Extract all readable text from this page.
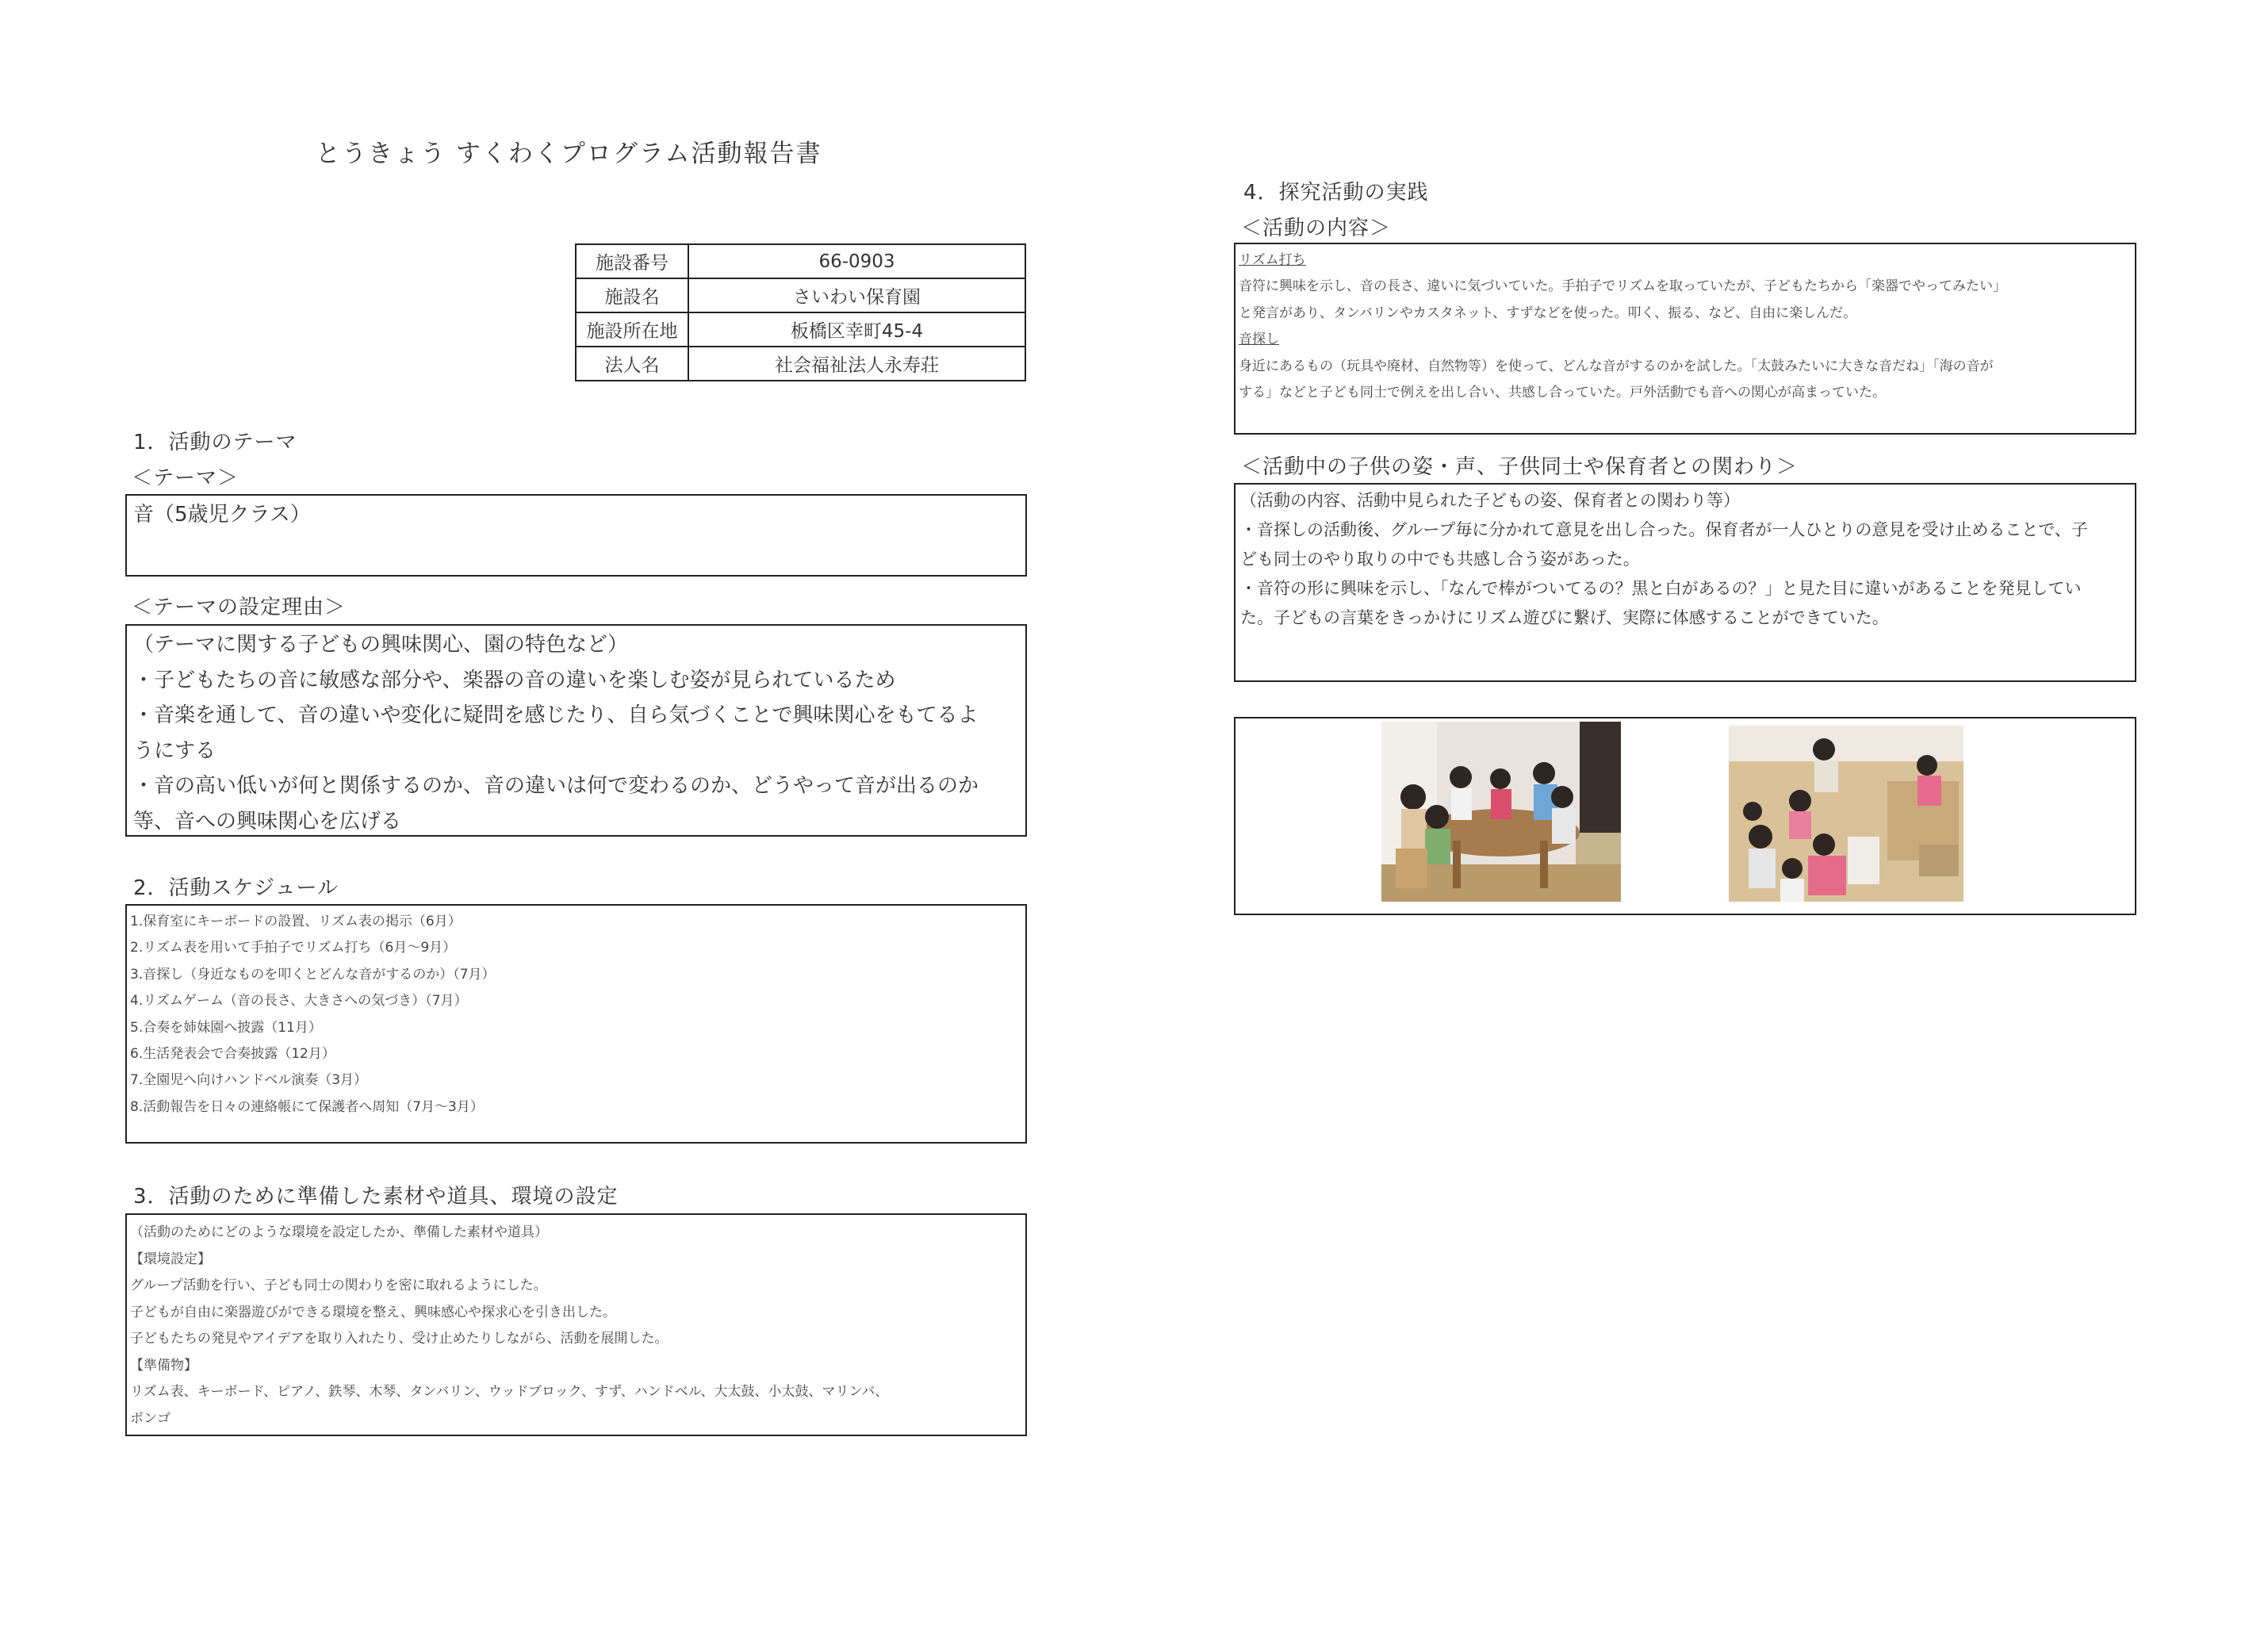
とうきょう すくわくプログラム活動報告書
施設番号	66-0903
施設名	さいわい保育園
施設所在地	板橋区幸町45-4
法人名	社会福祉法人永寿荘
1．活動のテーマ
＜テーマ＞
音（5歳児クラス）
＜テーマの設定理由＞
（テーマに関する子どもの興味関心、園の特色など）
・子どもたちの音に敏感な部分や、楽器の音の違いを楽しむ姿が見られているため
・音楽を通して、音の違いや変化に疑問を感じたり、自ら気づくことで興味関心をもてるよ
うにする
・音の高い低いが何と関係するのか、音の違いは何で変わるのか、どうやって音が出るのか
等、音への興味関心を広げる
2．活動スケジュール
1.保育室にキーボードの設置、リズム表の掲示（6月）
2.リズム表を用いて手拍子でリズム打ち（6月～9月）
3.音探し（身近なものを叩くとどんな音がするのか）（7月）
4.リズムゲーム（音の長さ、大きさへの気づき）（7月）
5.合奏を姉妹園へ披露（11月）
6.生活発表会で合奏披露（12月）
7.全園児へ向けハンドベル演奏（3月）
8.活動報告を日々の連絡帳にて保護者へ周知（7月～3月）
3．活動のために準備した素材や道具、環境の設定
（活動のためにどのような環境を設定したか、準備した素材や道具）
【環境設定】
グループ活動を行い、子ども同士の関わりを密に取れるようにした。
子どもが自由に楽器遊びができる環境を整え、興味感心や探求心を引き出した。
子どもたちの発見やアイデアを取り入れたり、受け止めたりしながら、活動を展開した。
【準備物】
リズム表、キーボード、ピアノ、鉄琴、木琴、タンバリン、ウッドブロック、すず、ハンドベル、大太鼓、小太鼓、マリンバ、
ボンゴ
4．探究活動の実践
＜活動の内容＞
リズム打ち
音符に興味を示し、音の長さ、違いに気づいていた。手拍子でリズムを取っていたが、子どもたちから「楽器でやってみたい」
と発言があり、タンバリンやカスタネット、すずなどを使った。叩く、振る、など、自由に楽しんだ。
音探し
身近にあるもの（玩具や廃材、自然物等）を使って、どんな音がするのかを試した。「太鼓みたいに大きな音だね」「海の音が
する」などと子ども同士で例えを出し合い、共感し合っていた。戸外活動でも音への関心が高まっていた。
＜活動中の子供の姿・声、子供同士や保育者との関わり＞
（活動の内容、活動中見られた子どもの姿、保育者との関わり等）
・音探しの活動後、グループ毎に分かれて意見を出し合った。保育者が一人ひとりの意見を受け止めることで、子
ども同士のやり取りの中でも共感し合う姿があった。
・音符の形に興味を示し、「なんで棒がついてるの？黒と白があるの？」と見た目に違いがあることを発見してい
た。子どもの言葉をきっかけにリズム遊びに繋げ、実際に体感することができていた。
